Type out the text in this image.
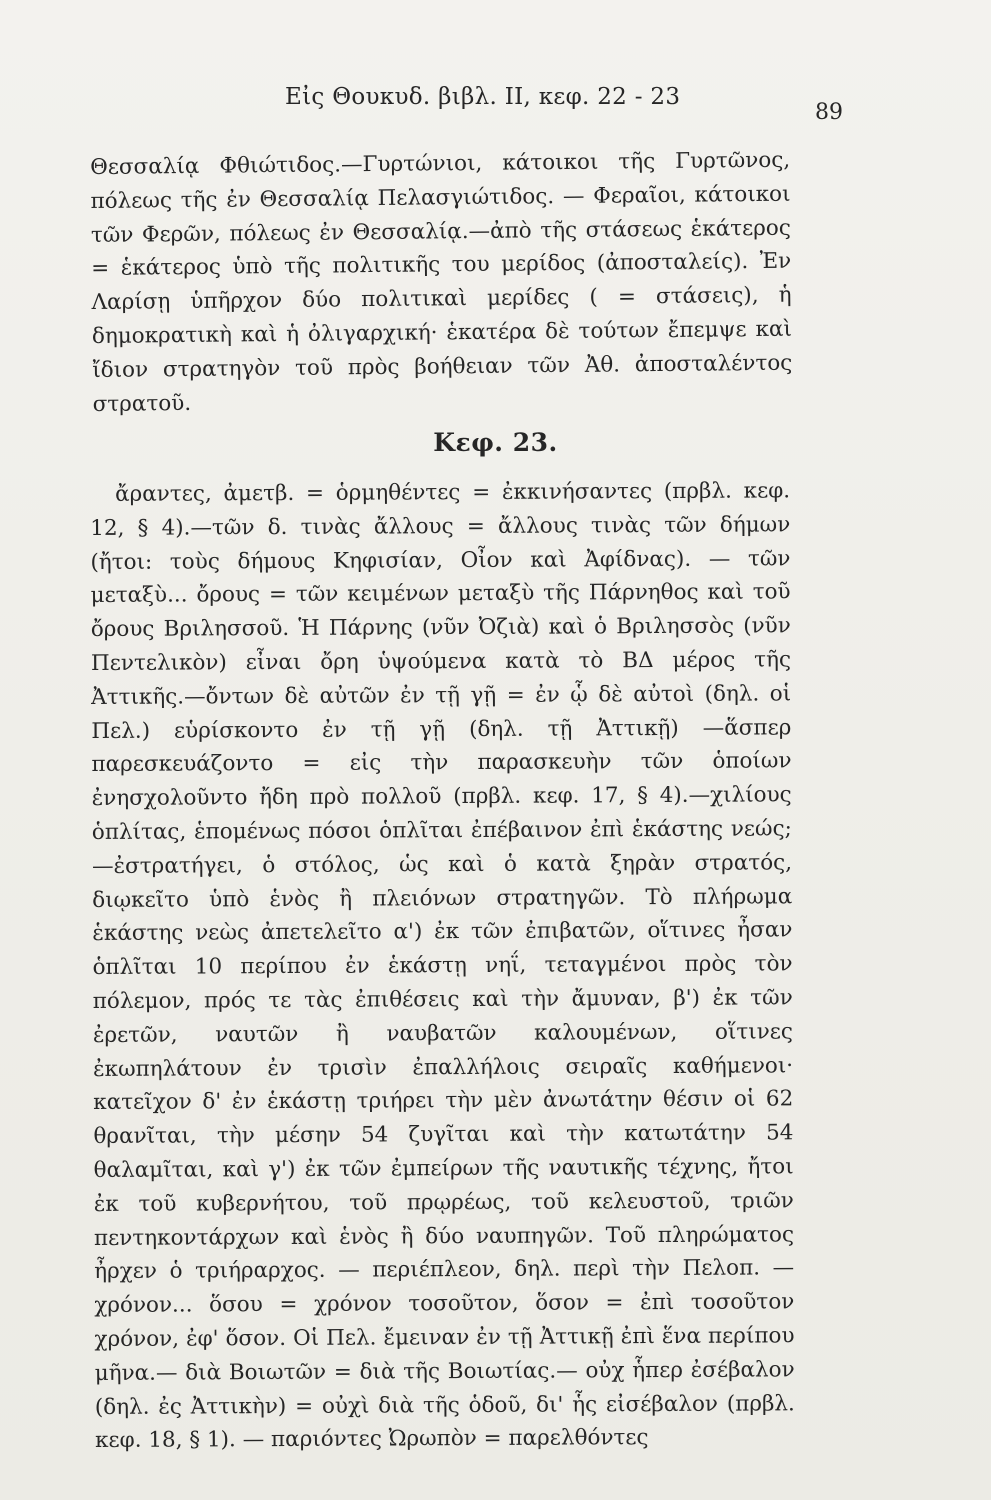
Εἰς Θουκυδ. βιβλ. II, κεφ. 22 - 23
89

Θεσσαλίᾳ Φθιώτιδος.—Γυρτώνιοι, κάτοικοι τῆς Γυρτῶνος, πόλεως τῆς ἐν Θεσσαλίᾳ Πελασγιώτιδος. — Φεραῖοι, κάτοικοι τῶν Φερῶν, πόλεως ἐν Θεσσαλίᾳ.—ἀπὸ τῆς στάσεως ἑκάτερος = ἑκάτερος ὑπὸ τῆς πολιτικῆς του μερίδος (ἀποσταλείς). Ἐν Λαρίσῃ ὑπῆρχον δύο πολιτικαὶ μερίδες ( = στάσεις), ἡ δημοκρατικὴ καὶ ἡ ὀλιγαρχική· ἑκατέρα δὲ τούτων ἔπεμψε καὶ ἴδιον στρατηγὸν τοῦ πρὸς βοήθειαν τῶν Ἀθ. ἀποσταλέντος στρατοῦ.

Κεφ. 23.

ἄραντες, ἀμετβ. = ὁρμηθέντες = ἐκκινήσαντες (πρβλ. κεφ. 12, § 4).—τῶν δ. τινὰς ἄλλους = ἄλλους τινὰς τῶν δήμων (ἤτοι: τοὺς δήμους Κηφισίαν, Οἶον καὶ Ἀφίδνας). — τῶν μεταξὺ... ὄρους = τῶν κειμένων μεταξὺ τῆς Πάρνηθος καὶ τοῦ ὄρους Βριλησσοῦ. Ἡ Πάρνης (νῦν Ὀζιὰ) καὶ ὁ Βριλησσὸς (νῦν Πεντελικὸν) εἶναι ὄρη ὑψούμενα κατὰ τὸ ΒΔ μέρος τῆς Ἀττικῆς.—ὄντων δὲ αὐτῶν ἐν τῇ γῇ = ἐν ᾧ δὲ αὐτοὶ (δηλ. οἱ Πελ.) εὑρίσκοντο ἐν τῇ γῇ (δηλ. τῇ Ἀττικῇ) —ἅσπερ παρεσκευάζοντο = εἰς τὴν παρασκευὴν τῶν ὁποίων ἐνησχολοῦντο ἤδη πρὸ πολλοῦ (πρβλ. κεφ. 17, § 4).—χιλίους ὁπλίτας, ἑπομένως πόσοι ὁπλῖται ἐπέβαινον ἐπὶ ἑκάστης νεώς;—ἐστρατήγει, ὁ στόλος, ὡς καὶ ὁ κατὰ ξηρὰν στρατός, διῳκεῖτο ὑπὸ ἑνὸς ἢ πλειόνων στρατηγῶν. Τὸ πλήρωμα ἑκάστης νεὼς ἀπετελεῖτο α') ἐκ τῶν ἐπιβατῶν, οἵτινες ἦσαν ὁπλῖται 10 περίπου ἐν ἑκάστῃ νηΐ, τεταγμένοι πρὸς τὸν πόλεμον, πρός τε τὰς ἐπιθέσεις καὶ τὴν ἄμυναν, β') ἐκ τῶν ἐρετῶν, ναυτῶν ἢ ναυβατῶν καλουμένων, οἵτινες ἐκωπηλάτουν ἐν τρισὶν ἐπαλλήλοις σειραῖς καθήμενοι· κατεῖχον δ' ἐν ἑκάστῃ τριήρει τὴν μὲν ἀνωτάτην θέσιν οἱ 62 θρανῖται, τὴν μέσην 54 ζυγῖται καὶ τὴν κατωτάτην 54 θαλαμῖται, καὶ γ') ἐκ τῶν ἐμπείρων τῆς ναυτικῆς τέχνης, ἤτοι ἐκ τοῦ κυβερνήτου, τοῦ πρῳρέως, τοῦ κελευστοῦ, τριῶν πεντηκοντάρχων καὶ ἑνὸς ἢ δύο ναυπηγῶν. Τοῦ πληρώματος ἦρχεν ὁ τριήραρχος. — περιέπλεον, δηλ. περὶ τὴν Πελοπ. —χρόνον... ὅσου = χρόνον τοσοῦτον, ὅσον = ἐπὶ τοσοῦτον χρόνον, ἐφ' ὅσον. Οἱ Πελ. ἔμειναν ἐν τῇ Ἀττικῇ ἐπὶ ἕνα περίπου μῆνα.— διὰ Βοιωτῶν = διὰ τῆς Βοιωτίας.— οὐχ ἧπερ ἐσέβαλον (δηλ. ἐς Ἀττικὴν) = οὐχὶ διὰ τῆς ὁδοῦ, δι' ἧς εἰσέβαλον (πρβλ. κεφ. 18, § 1). — παριόντες Ὠρωπὸν = παρελθόντες
